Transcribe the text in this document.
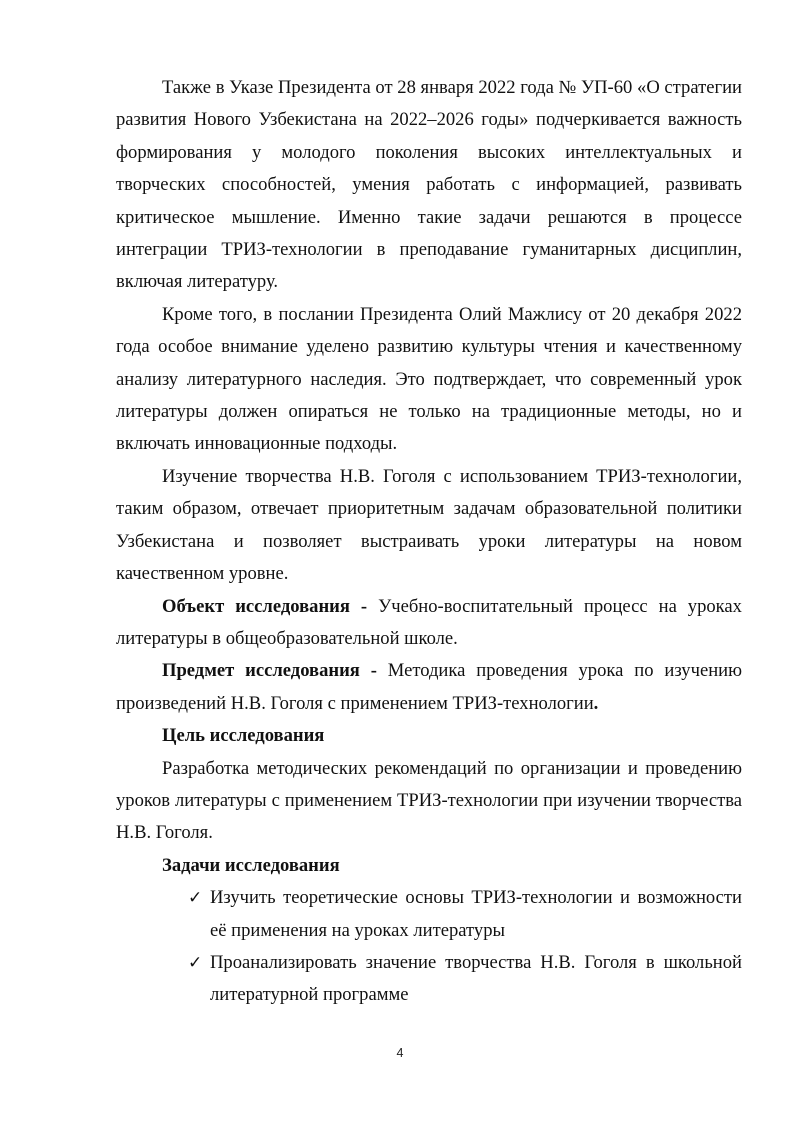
Также в Указе Президента от 28 января 2022 года № УП-60 «О стратегии развития Нового Узбекистана на 2022–2026 годы» подчеркивается важность формирования у молодого поколения высоких интеллектуальных и творческих способностей, умения работать с информацией, развивать критическое мышление. Именно такие задачи решаются в процессе интеграции ТРИЗ-технологии в преподавание гуманитарных дисциплин, включая литературу.

Кроме того, в послании Президента Олий Мажлису от 20 декабря 2022 года особое внимание уделено развитию культуры чтения и качественному анализу литературного наследия. Это подтверждает, что современный урок литературы должен опираться не только на традиционные методы, но и включать инновационные подходы.

Изучение творчества Н.В. Гоголя с использованием ТРИЗ-технологии, таким образом, отвечает приоритетным задачам образовательной политики Узбекистана и позволяет выстраивать уроки литературы на новом качественном уровне.

Объект исследования - Учебно-воспитательный процесс на уроках литературы в общеобразовательной школе.

Предмет исследования - Методика проведения урока по изучению произведений Н.В. Гоголя с применением ТРИЗ-технологии.

Цель исследования

Разработка методических рекомендаций по организации и проведению уроков литературы с применением ТРИЗ-технологии при изучении творчества Н.В. Гоголя.

Задачи исследования

✓ Изучить теоретические основы ТРИЗ-технологии и возможности её применения на уроках литературы
✓ Проанализировать значение творчества Н.В. Гоголя в школьной литературной программе
4
